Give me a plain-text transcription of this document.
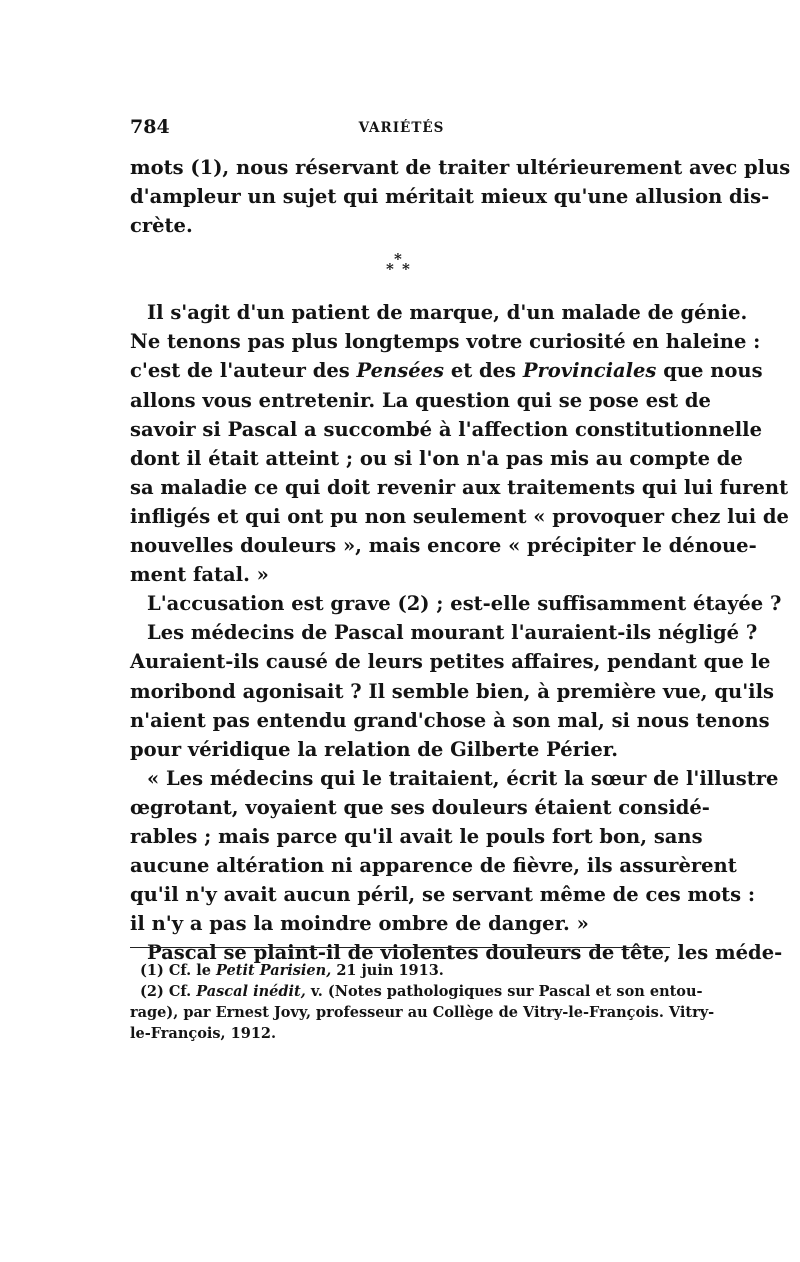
784	VARIÉTÉS
mots (1), nous réservant de traiter ultérieurement avec plus
d'ampleur un sujet qui méritait mieux qu'une allusion dis-
crète.
*
* *
Il s'agit d'un patient de marque, d'un malade de génie.
Ne tenons pas plus longtemps votre curiosité en haleine :
c'est de l'auteur des Pensées et des Provinciales que nous
allons vous entretenir. La question qui se pose est de
savoir si Pascal a succombé à l'affection constitutionnelle
dont il était atteint ; ou si l'on n'a pas mis au compte de
sa maladie ce qui doit revenir aux traitements qui lui furent
infligés et qui ont pu non seulement « provoquer chez lui de
nouvelles douleurs », mais encore « précipiter le dénoue-
ment fatal. »
L'accusation est grave (2) ; est-elle suffisamment étayée ?
Les médecins de Pascal mourant l'auraient-ils négligé ?
Auraient-ils causé de leurs petites affaires, pendant que le
moribond agonisait ? Il semble bien, à première vue, qu'ils
n'aient pas entendu grand'chose à son mal, si nous tenons
pour véridique la relation de Gilberte Périer.
« Les médecins qui le traitaient, écrit la sœur de l'illustre
œgrotant, voyaient que ses douleurs étaient considé-
rables ; mais parce qu'il avait le pouls fort bon, sans
aucune altération ni apparence de fièvre, ils assurèrent
qu'il n'y avait aucun péril, se servant même de ces mots :
il n'y a pas la moindre ombre de danger. »
Pascal se plaint-il de violentes douleurs de tête, les méde-
(1) Cf. le Petit Parisien, 21 juin 1913.
(2) Cf. Pascal inédit, v. (Notes pathologiques sur Pascal et son entou-
rage), par Ernest Jovy, professeur au Collège de Vitry-le-François. Vitry-
le-François, 1912.
